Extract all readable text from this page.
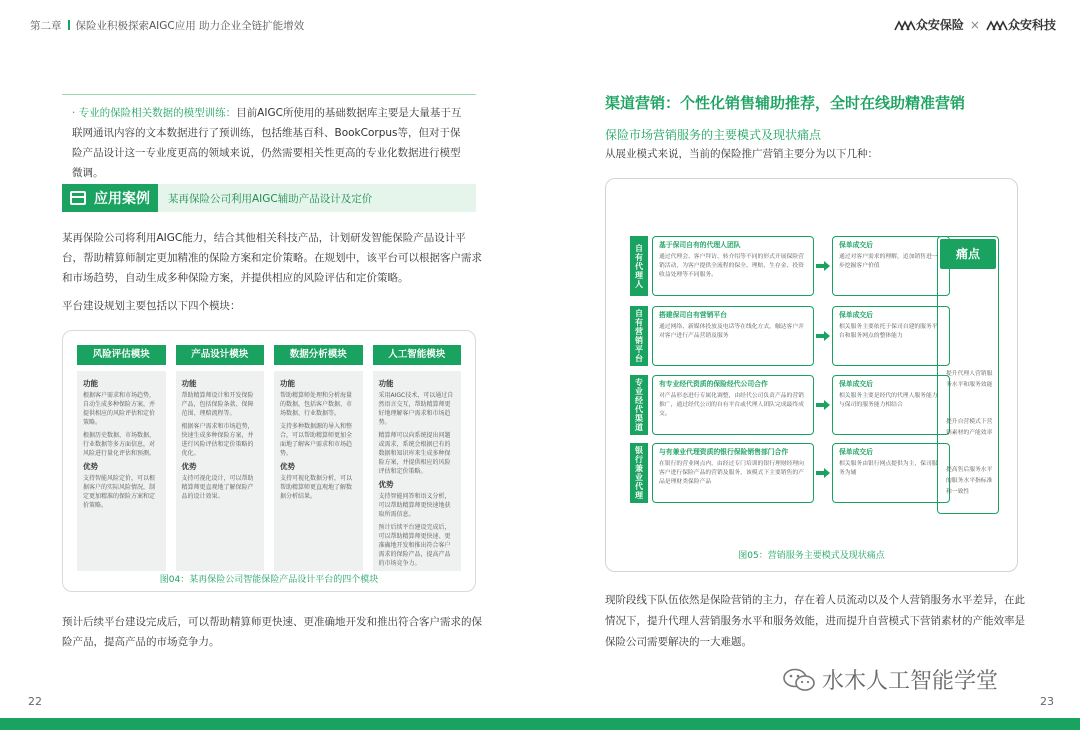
第二章 保险业积极探索AIGC应用 助力企业全链扩能增效	众安保险 × 众安科技
· 专业的保险相关数据的模型训练：目前AIGC所使用的基础数据库主要是大量基于互联网通讯内容的文本数据进行了预训练，包括维基百科、BookCorpus等，但对于保险产品设计这一专业度更高的领域来说，仍然需要相关性更高的专业化数据进行模型微调。
应用案例	某再保险公司利用AIGC辅助产品设计及定价
某再保险公司将利用AIGC能力，结合其他相关科技产品，计划研发智能保险产品设计平台，帮助精算师制定更加精准的保险方案和定价策略。在规划中，该平台可以根据客户需求和市场趋势，自动生成多种保险方案，并提供相应的风险评估和定价策略。
平台建设规划主要包括以下四个模块：
风险评估模块
功能

根据客户需求和市场趋势，自动生成多种保险方案，并提供相应的风险评估和定价策略。

根据历史数据、市场数据、行业数据等多方面信息，对风险进行量化评估和预测。

优势

支持智能风险定价，可以根据客户的实际风险情况，制定更加精准的保险方案和定价策略。

产品设计模块
功能

帮助精算师设计和开发保险产品，包括保险条款、保障范围、理赔流程等。

根据客户需求和市场趋势，快速生成多种保险方案，并进行风险评估和定价策略的优化。

优势

支持可视化设计，可以帮助精算师更直观地了解保险产品的设计效果。

数据分析模块
功能

帮助精算师处理和分析海量的数据，包括客户数据、市场数据、行业数据等。

支持多种数据源的导入和整合，可以帮助精算师更加全面地了解客户需求和市场趋势。

优势

支持可视化数据分析，可以帮助精算师更直观地了解数据分析结果。

人工智能模块
功能

采用AIGC技术，可以通过自然语言交互，帮助精算师更好地理解客户需求和市场趋势。

精算师可以向系统提出问题或需求，系统会根据已有的数据和知识库来生成多种保险方案，并提供相应的风险评估和定价策略。

优势

支持智能问答和语义分析，可以帮助精算师更快速地获取所需信息。

预计后续平台建设完成后，可以帮助精算师更快速、更准确地开发和推出符合客户需求的保险产品，提高产品的市场竞争力。

图04：某再保险公司智能保险产品设计平台的四个模块
预计后续平台建设完成后，可以帮助精算师更快速、更准确地开发和推出符合客户需求的保险产品，提高产品的市场竞争力。
22
渠道营销：个性化销售辅助推荐，全时在线助精准营销
保险市场营销服务的主要模式及现状痛点
从展业模式来说，当前的保险推广营销主要分为以下几种：
自有代理人	基于保司自有的代理人团队
通过代理会、客户拜访、转介绍等不同的形式开展保险营销活动，为客户提供全流程的保全、理赔、生存金、投资收益处理等不同服务。
保单成交后
通过对客户需求的理解，追加销售进一步挖掘客户价值
自有营销平台	搭建保司自有营销平台
通过网络、新媒体投放及电话等在线化方式，触达客户并对客户进行产品营销及服务
保单成交后
相关服务主要依托于保司自建的服务平台和服务网点的整体能力
专业经代渠道	有专业经代资质的保险经代公司合作
对产品形态进行专属化调整，由经代公司负责产品的营销推广，通过经代公司的自有平台或代理人团队完成最终成交。
保单成交后
相关服务主要是经代的代理人服务能力与保司的服务能力相结合
银行兼业代理	与有兼业代理资质的银行保险销售部门合作
在银行的营业网点内，由经过专门培训的银行理财经理向客户进行保险产品的营销及服务，该模式下主要销售的产品是理财类保险产品
保单成交后
相关服务由银行网点提供为主，保司服务为辅
痛点
提升代理人营销服务水平和服务效能
提升自营模式下营销素材的产能效率
提高售后服务水平的服务水平指标准和一致性
图05：营销服务主要模式及现状痛点
现阶段线下队伍依然是保险营销的主力，存在着人员流动以及个人营销服务水平差异，在此情况下，提升代理人营销服务水平和服务效能，进而提升自营模式下营销素材的产能效率是保险公司需要解决的一大难题。
水木人工智能学堂
23
